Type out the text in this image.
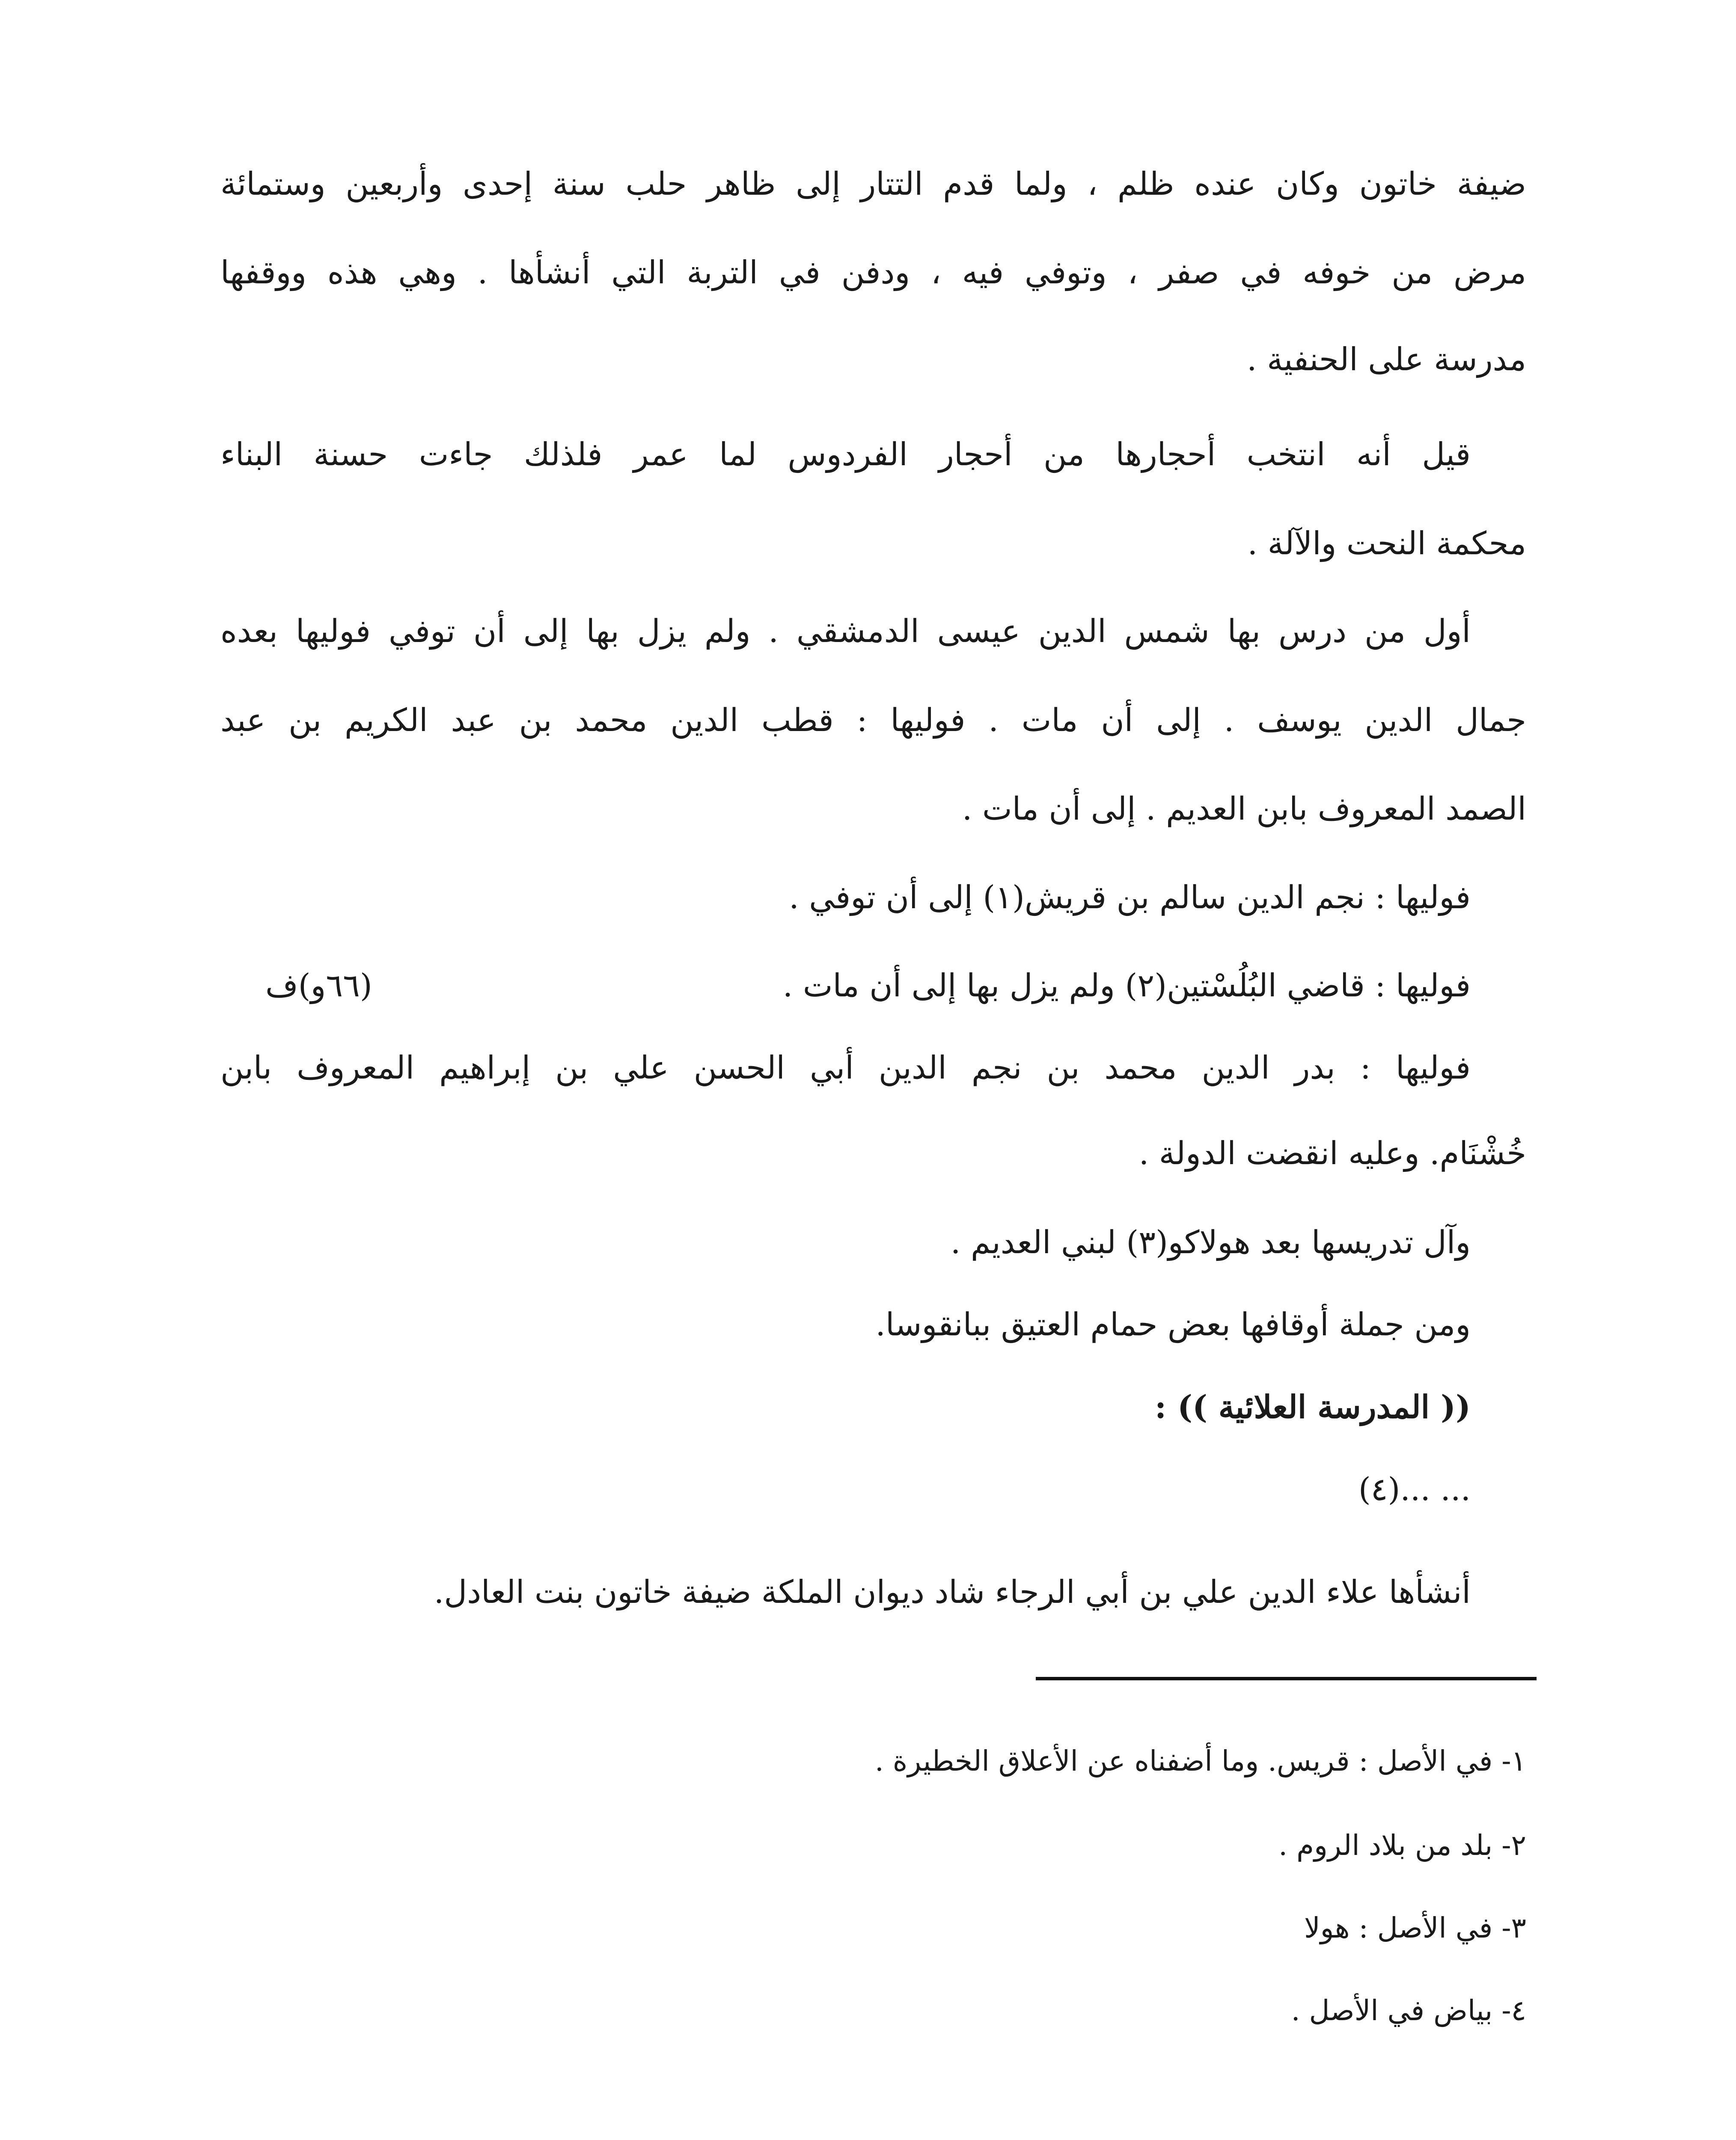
ضيفة خاتون وكان عنده ظلم ، ولما قدم التتار إلى ظاهر حلب سنة إحدى وأربعين وستمائة
مرض من خوفه في صفر ، وتوفي فيه ، ودفن في التربة التي أنشأها . وهي هذه ووقفها
مدرسة على الحنفية .
قيل أنه انتخب أحجارها من أحجار الفردوس لما عمر فلذلك جاءت حسنة البناء
محكمة النحت والآلة .
أول من درس بها شمس الدين عيسى الدمشقي . ولم يزل بها إلى أن توفي فوليها بعده
جمال الدين يوسف . إلى أن مات . فوليها : قطب الدين محمد بن عبد الكريم بن عبد
الصمد المعروف بابن العديم . إلى أن مات .
فوليها : نجم الدين سالم بن قريش(١) إلى أن توفي .
فوليها : قاضي البُلُسْتين(٢) ولم يزل بها إلى أن مات .
(٦٦و)ف
فوليها : بدر الدين محمد بن نجم الدين أبي الحسن علي بن إبراهيم المعروف بابن
خُشْنَام. وعليه انقضت الدولة .
وآل تدريسها بعد هولاكو(٣) لبني العديم .
ومن جملة أوقافها بعض حمام العتيق ببانقوسا.
(( المدرسة العلائية )) :
... ...(٤)
أنشأها علاء الدين علي بن أبي الرجاء شاد ديوان الملكة ضيفة خاتون بنت العادل.
١- في الأصل : قريس. وما أضفناه عن الأعلاق الخطيرة .
٢- بلد من بلاد الروم .
٣- في الأصل : هولا
٤- بياض في الأصل .
